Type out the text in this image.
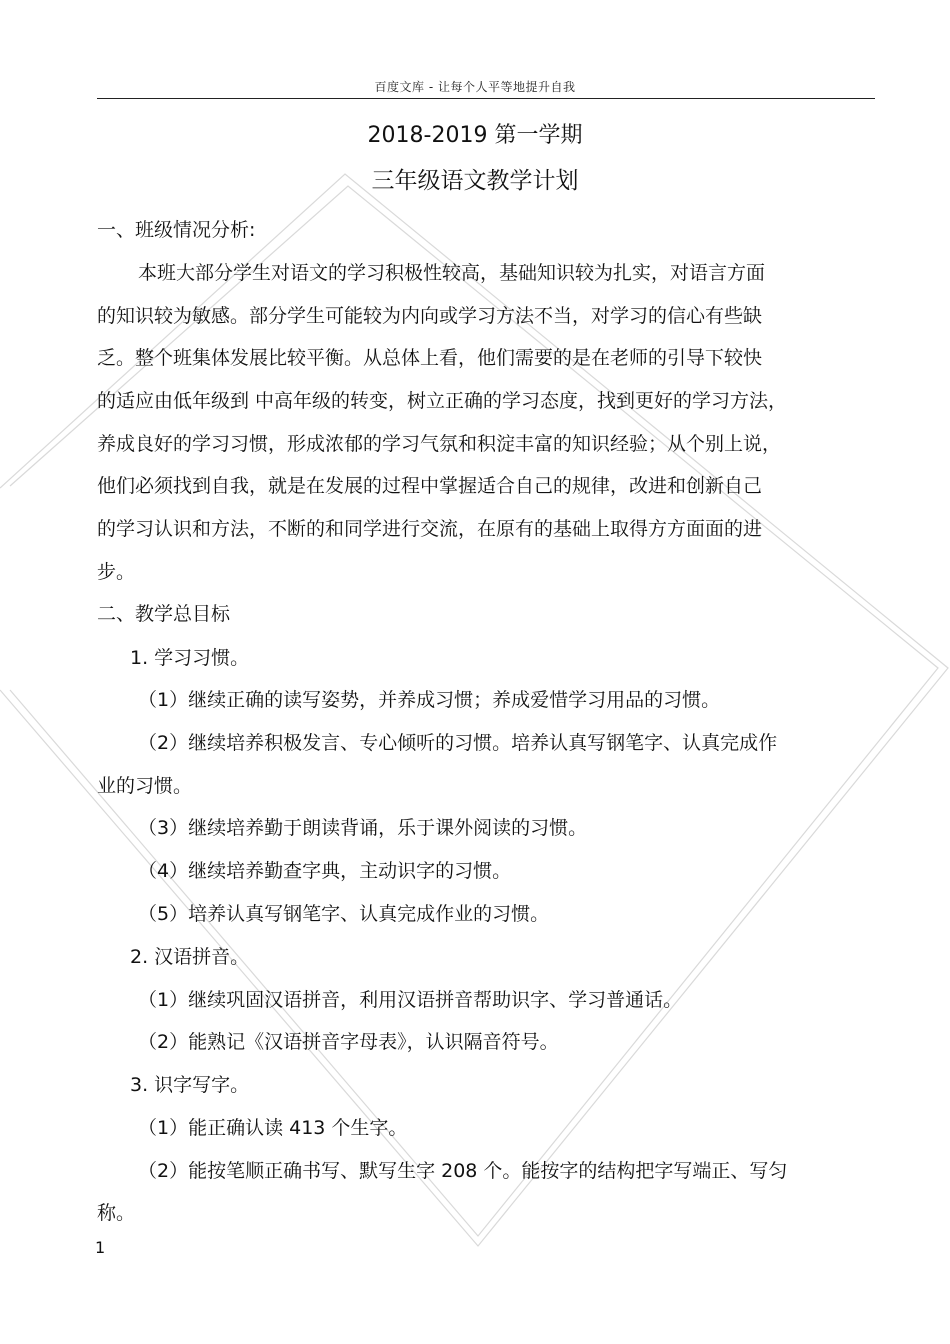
百度文库 - 让每个人平等地提升自我
2018-2019 第一学期
三年级语文教学计划
一、班级情况分析:
本班大部分学生对语文的学习积极性较高，基础知识较为扎实，对语言方面
的知识较为敏感。部分学生可能较为内向或学习方法不当，对学习的信心有些缺
乏。整个班集体发展比较平衡。从总体上看，他们需要的是在老师的引导下较快
的适应由低年级到 中高年级的转变，树立正确的学习态度，找到更好的学习方法，
养成良好的学习习惯，形成浓郁的学习气氛和积淀丰富的知识经验；从个别上说，
他们必须找到自我，就是在发展的过程中掌握适合自己的规律，改进和创新自己
的学习认识和方法，不断的和同学进行交流，在原有的基础上取得方方面面的进
步。
二、教学总目标
1. 学习习惯。
（1）继续正确的读写姿势，并养成习惯；养成爱惜学习用品的习惯。
（2）继续培养积极发言、专心倾听的习惯。培养认真写钢笔字、认真完成作
业的习惯。
（3）继续培养勤于朗读背诵，乐于课外阅读的习惯。
（4）继续培养勤查字典，主动识字的习惯。
（5）培养认真写钢笔字、认真完成作业的习惯。
2. 汉语拼音。
（1）继续巩固汉语拼音，利用汉语拼音帮助识字、学习普通话。
（2）能熟记《汉语拼音字母表》，认识隔音符号。
3. 识字写字。
（1）能正确认读 413 个生字。
（2）能按笔顺正确书写、默写生字 208 个。能按字的结构把字写端正、写匀
称。
1
